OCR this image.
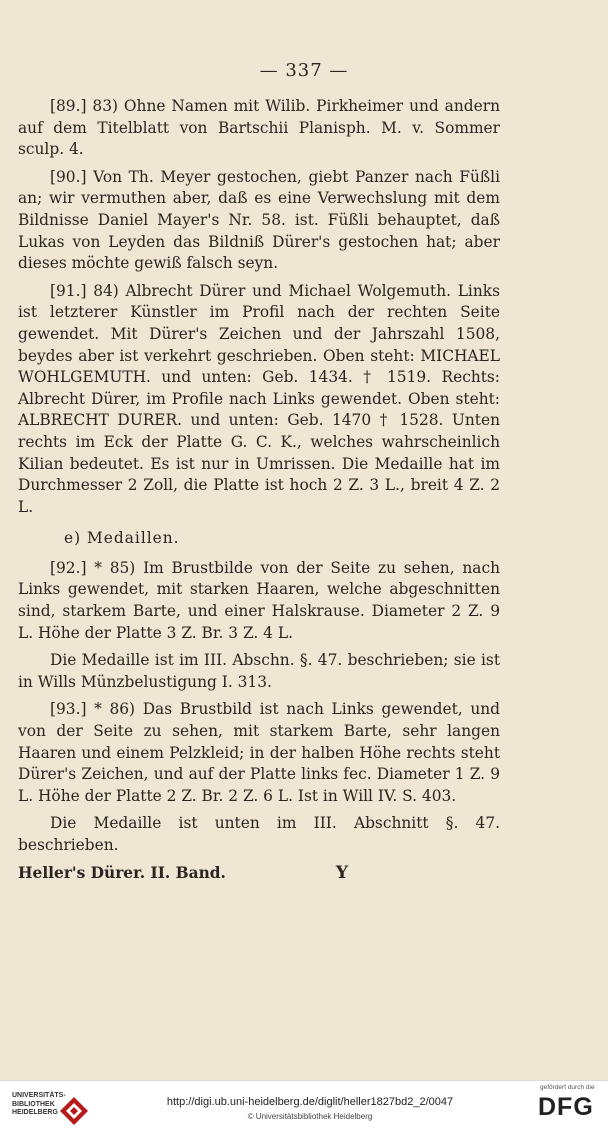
— 337 —

[89.] 83) Ohne Namen mit Wilib. Pirkheimer und andern auf dem Titelblatt von Bartschii Planisph. M. v. Sommer sculp. 4.

[90.] Von Th. Meyer gestochen, giebt Panzer nach Füßli an; wir vermuthen aber, daß es eine Verwechslung mit dem Bildnisse Daniel Mayer's Nr. 58. ist. Füßli behauptet, daß Lukas von Leyden das Bildniß Dürer's gestochen hat; aber dieses möchte gewiß falsch seyn.

[91.] 84) Albrecht Dürer und Michael Wolgemuth. Links ist letzterer Künstler im Profil nach der rechten Seite gewendet. Mit Dürer's Zeichen und der Jahrszahl 1508, beydes aber ist verkehrt geschrieben. Oben steht: MICHAEL WOHLGEMUTH. und unten: Geb. 1434. † 1519. Rechts: Albrecht Dürer, im Profile nach Links gewendet. Oben steht: ALBRECHT DURER. und unten: Geb. 1470 † 1528. Unten rechts im Eck der Platte G. C. K., welches wahrscheinlich Kilian bedeutet. Es ist nur in Umrissen. Die Medaille hat im Durchmesser 2 Zoll, die Platte ist hoch 2 Z. 3 L., breit 4 Z. 2 L.

e) Medaillen.

[92.] * 85) Im Brustbilde von der Seite zu sehen, nach Links gewendet, mit starken Haaren, welche abgeschnitten sind, starkem Barte, und einer Halskrause. Diameter 2 Z. 9 L. Höhe der Platte 3 Z. Br. 3 Z. 4 L.

Die Medaille ist im III. Abschn. §. 47. beschrieben; sie ist in Wills Münzbelustigung I. 313.

[93.] * 86) Das Brustbild ist nach Links gewendet, und von der Seite zu sehen, mit starkem Barte, sehr langen Haaren und einem Pelzkleid; in der halben Höhe rechts steht Dürer's Zeichen, und auf der Platte links fec. Diameter 1 Z. 9 L. Höhe der Platte 2 Z. Br. 2 Z. 6 L. Ist in Will IV. S. 403.

Die Medaille ist unten im III. Abschnitt §. 47. beschrieben.

Heller's Dürer. II. Band.	Y
UNIVERSITÄTS-
BIBLIOTHEK
HEIDELBERG
http://digi.ub.uni-heidelberg.de/diglit/heller1827bd2_2/0047
© Universitätsbibliothek Heidelberg
gefördert durch die
DFG
